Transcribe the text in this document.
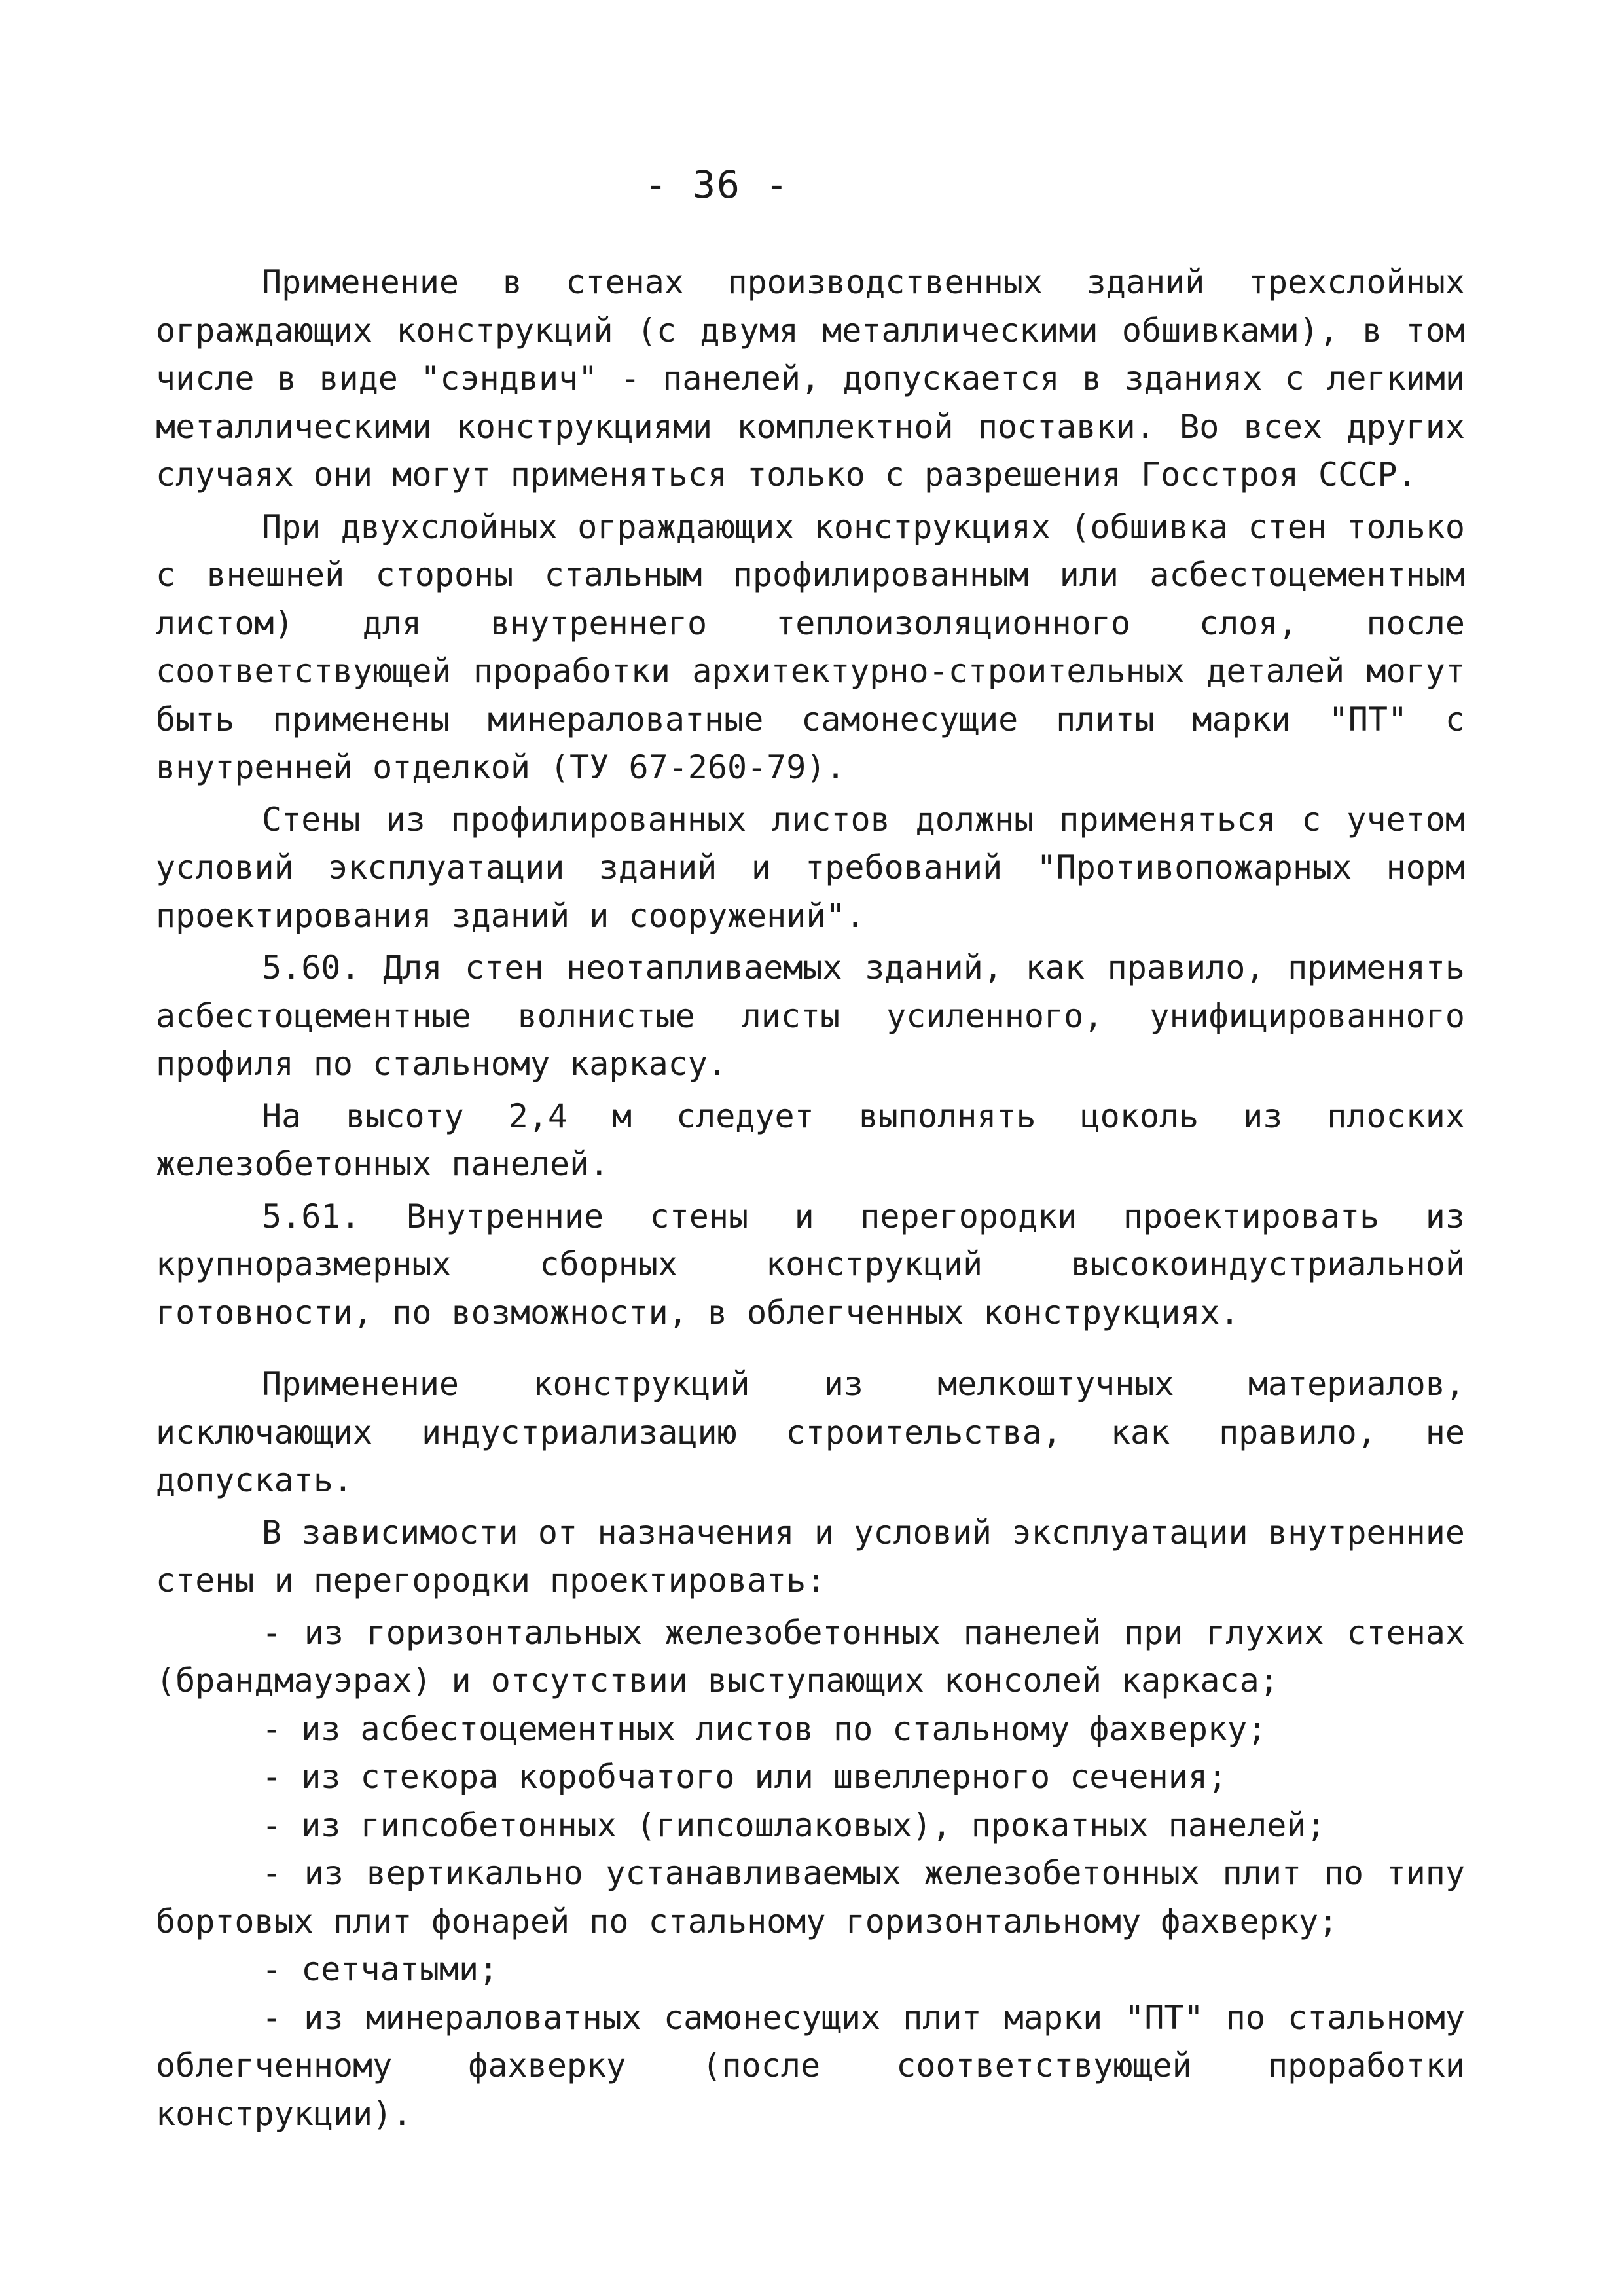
- 36 -

Применение в стенах производственных зданий трехслойных ограждающих конструкций (с двумя металлическими обшивками), в том числе в виде "сэндвич" - панелей, допускается в зданиях с легкими металлическими конструкциями комплектной поставки. Во всех других случаях они могут применяться только с разрешения Госстроя СССР.

При двухслойных ограждающих конструкциях (обшивка стен только с внешней стороны стальным профилированным или асбестоцементным листом) для внутреннего теплоизоляционного слоя, после соответствующей проработки архитектурно-строительных деталей могут быть применены минераловатные самонесущие плиты марки "ПТ" с внутренней отделкой (ТУ 67-260-79).

Стены из профилированных листов должны применяться с учетом условий эксплуатации зданий и требований "Противопожарных норм проектирования зданий и сооружений".

5.60. Для стен неотапливаемых зданий, как правило, применять асбестоцементные волнистые листы усиленного, унифицированного профиля по стальному каркасу.

На высоту 2,4 м следует выполнять цоколь из плоских железобетонных панелей.

5.61. Внутренние стены и перегородки проектировать из крупноразмерных сборных конструкций высокоиндустриальной готовности, по возможности, в облегченных конструкциях.

Применение конструкций из мелкоштучных материалов, исключающих индустриализацию строительства, как правило, не допускать.

В зависимости от назначения и условий эксплуатации внутренние стены и перегородки проектировать:

- из горизонтальных железобетонных панелей при глухих стенах (брандмауэрах) и отсутствии выступающих консолей каркаса;

- из асбестоцементных листов по стальному фахверку;

- из стекора коробчатого или швеллерного сечения;

- из гипсобетонных (гипсошлаковых), прокатных панелей;

- из вертикально устанавливаемых железобетонных плит по типу бортовых плит фонарей по стальному горизонтальному фахверку;

- сетчатыми;

- из минераловатных самонесущих плит марки "ПТ" по стальному облегченному фахверку (после соответствующей проработки конструкции).
